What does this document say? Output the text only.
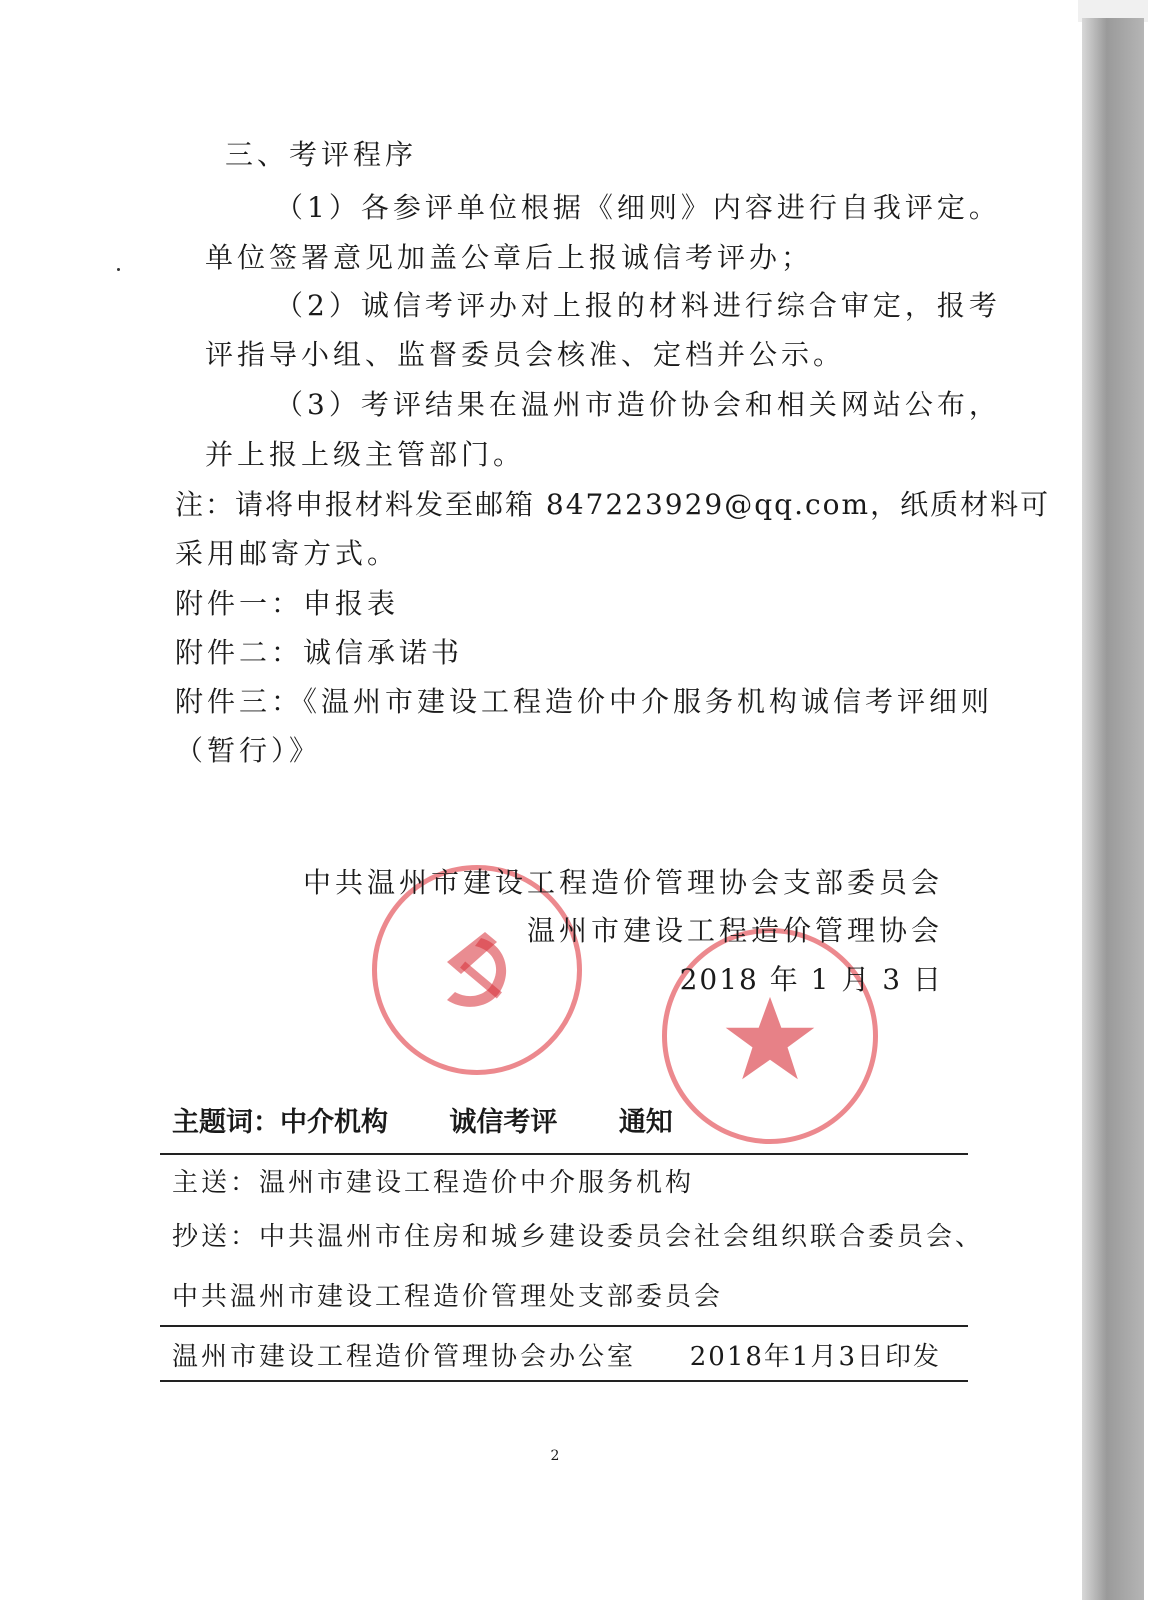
三、考评程序
（1）各参评单位根据《细则》内容进行自我评定。
单位签署意见加盖公章后上报诚信考评办；
（2）诚信考评办对上报的材料进行综合审定，报考
评指导小组、监督委员会核准、定档并公示。
（3）考评结果在温州市造价协会和相关网站公布，
并上报上级主管部门。
注：请将申报材料发至邮箱 847223929@qq.com，纸质材料可
采用邮寄方式。
附件一：申报表
附件二：诚信承诺书
附件三：《温州市建设工程造价中介服务机构诚信考评细则
（暂行）》
中共温州市建设工程造价管理协会支部委员会
温州市建设工程造价管理协会
2018 年 1 月 3 日
主题词：中介机构 诚信考评 通知
主送：温州市建设工程造价中介服务机构
抄送：中共温州市住房和城乡建设委员会社会组织联合委员会、
中共温州市建设工程造价管理处支部委员会
温州市建设工程造价管理协会办公室 2018年1月3日印发
2
